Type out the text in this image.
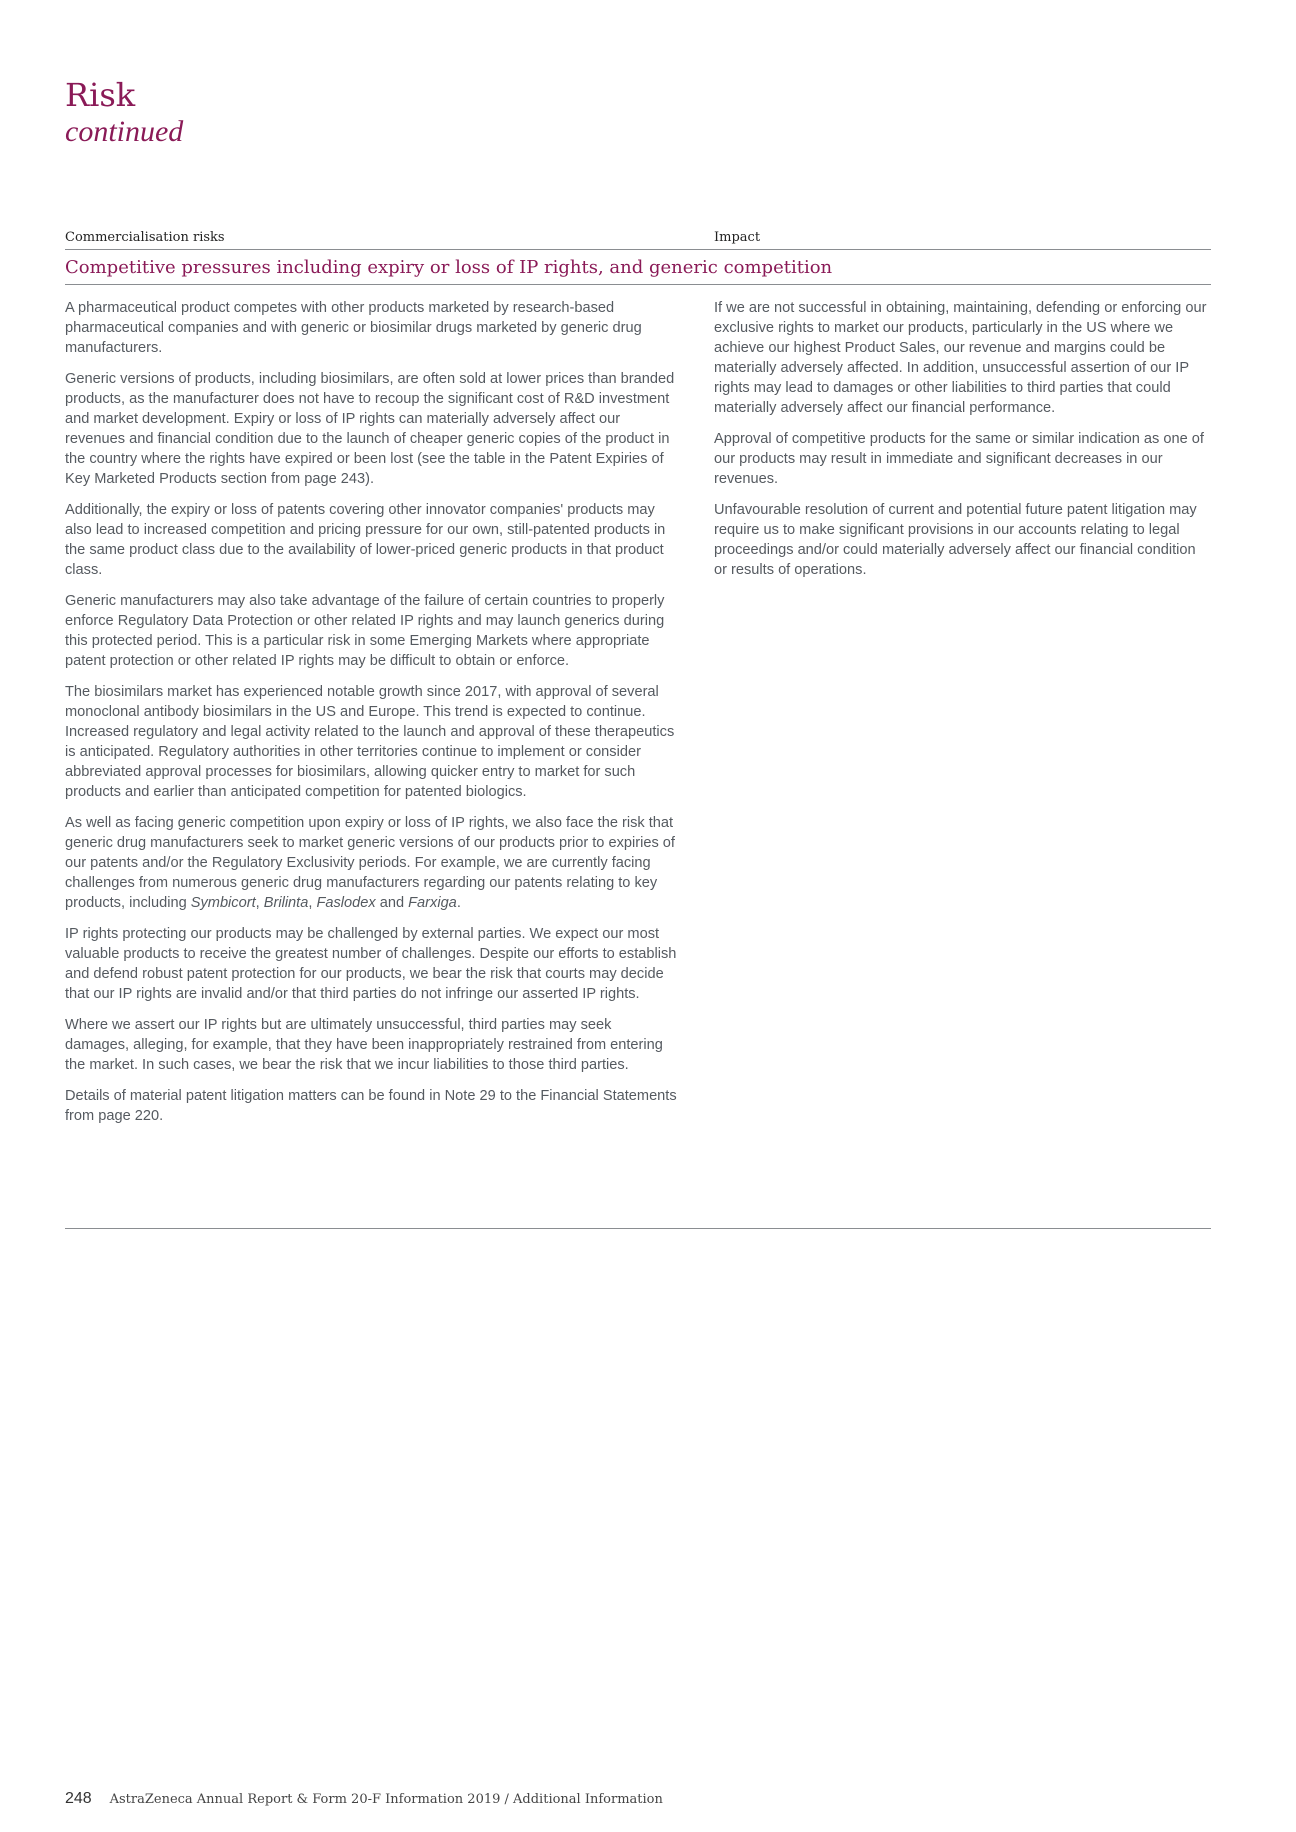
Risk
continued
Commercialisation risks	Impact
Competitive pressures including expiry or loss of IP rights, and generic competition

A pharmaceutical product competes with other products marketed by research-based pharmaceutical companies and with generic or biosimilar drugs marketed by generic drug manufacturers.

Generic versions of products, including biosimilars, are often sold at lower prices than branded products, as the manufacturer does not have to recoup the significant cost of R&D investment and market development. Expiry or loss of IP rights can materially adversely affect our revenues and financial condition due to the launch of cheaper generic copies of the product in the country where the rights have expired or been lost (see the table in the Patent Expiries of Key Marketed Products section from page 243).

Additionally, the expiry or loss of patents covering other innovator companies' products may also lead to increased competition and pricing pressure for our own, still-patented products in the same product class due to the availability of lower-priced generic products in that product class.

Generic manufacturers may also take advantage of the failure of certain countries to properly enforce Regulatory Data Protection or other related IP rights and may launch generics during this protected period. This is a particular risk in some Emerging Markets where appropriate patent protection or other related IP rights may be difficult to obtain or enforce.

The biosimilars market has experienced notable growth since 2017, with approval of several monoclonal antibody biosimilars in the US and Europe. This trend is expected to continue. Increased regulatory and legal activity related to the launch and approval of these therapeutics is anticipated. Regulatory authorities in other territories continue to implement or consider abbreviated approval processes for biosimilars, allowing quicker entry to market for such products and earlier than anticipated competition for patented biologics.

As well as facing generic competition upon expiry or loss of IP rights, we also face the risk that generic drug manufacturers seek to market generic versions of our products prior to expiries of our patents and/or the Regulatory Exclusivity periods. For example, we are currently facing challenges from numerous generic drug manufacturers regarding our patents relating to key products, including Symbicort, Brilinta, Faslodex and Farxiga.

IP rights protecting our products may be challenged by external parties. We expect our most valuable products to receive the greatest number of challenges. Despite our efforts to establish and defend robust patent protection for our products, we bear the risk that courts may decide that our IP rights are invalid and/or that third parties do not infringe our asserted IP rights.

Where we assert our IP rights but are ultimately unsuccessful, third parties may seek damages, alleging, for example, that they have been inappropriately restrained from entering the market. In such cases, we bear the risk that we incur liabilities to those third parties.

Details of material patent litigation matters can be found in Note 29 to the Financial Statements from page 220.

If we are not successful in obtaining, maintaining, defending or enforcing our exclusive rights to market our products, particularly in the US where we achieve our highest Product Sales, our revenue and margins could be materially adversely affected. In addition, unsuccessful assertion of our IP rights may lead to damages or other liabilities to third parties that could materially adversely affect our financial performance.

Approval of competitive products for the same or similar indication as one of our products may result in immediate and significant decreases in our revenues.

Unfavourable resolution of current and potential future patent litigation may require us to make significant provisions in our accounts relating to legal proceedings and/or could materially adversely affect our financial condition or results of operations.

248 AstraZeneca Annual Report & Form 20-F Information 2019 / Additional Information
